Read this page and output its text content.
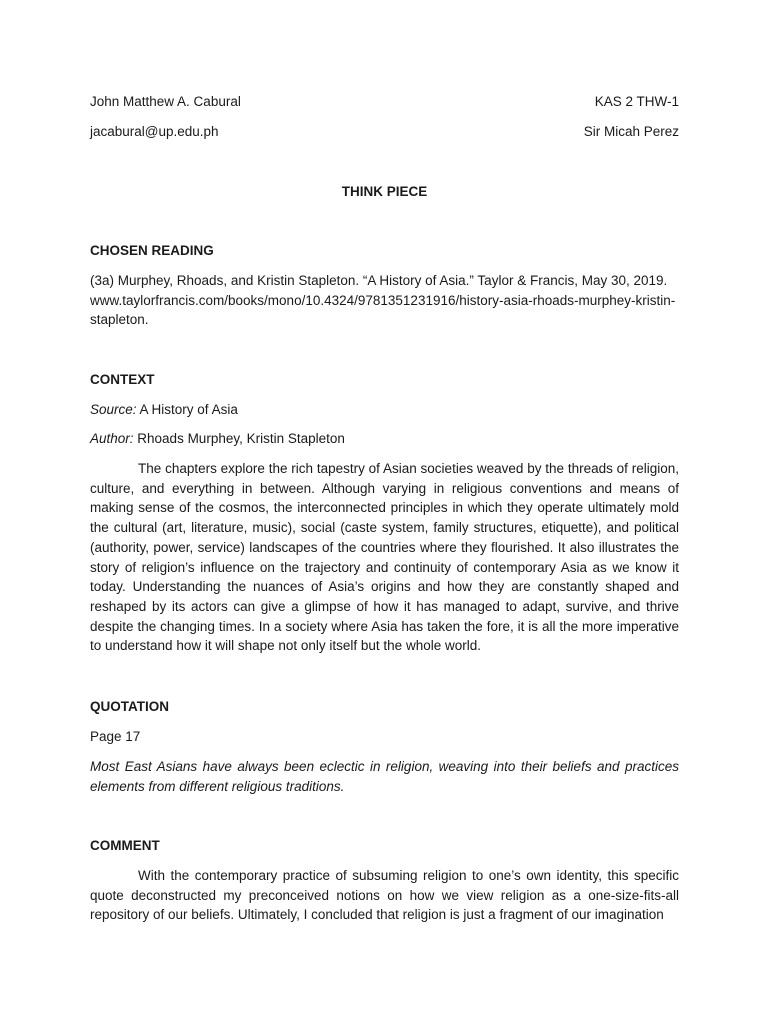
John Matthew A. Cabural	KAS 2 THW-1
jacabural@up.edu.ph	Sir Micah Perez
THINK PIECE
CHOSEN READING
(3a) Murphey, Rhoads, and Kristin Stapleton. “A History of Asia.” Taylor & Francis, May 30, 2019. www.taylorfrancis.com/books/mono/10.4324/9781351231916/history-asia-rhoads-murphey-kristin-stapleton.
CONTEXT
Source: A History of Asia
Author: Rhoads Murphey, Kristin Stapleton
The chapters explore the rich tapestry of Asian societies weaved by the threads of religion, culture, and everything in between. Although varying in religious conventions and means of making sense of the cosmos, the interconnected principles in which they operate ultimately mold the cultural (art, literature, music), social (caste system, family structures, etiquette), and political (authority, power, service) landscapes of the countries where they flourished. It also illustrates the story of religion’s influence on the trajectory and continuity of contemporary Asia as we know it today. Understanding the nuances of Asia’s origins and how they are constantly shaped and reshaped by its actors can give a glimpse of how it has managed to adapt, survive, and thrive despite the changing times. In a society where Asia has taken the fore, it is all the more imperative to understand how it will shape not only itself but the whole world.
QUOTATION
Page 17
Most East Asians have always been eclectic in religion, weaving into their beliefs and practices elements from different religious traditions.
COMMENT
With the contemporary practice of subsuming religion to one’s own identity, this specific quote deconstructed my preconceived notions on how we view religion as a one-size-fits-all repository of our beliefs. Ultimately, I concluded that religion is just a fragment of our imagination
